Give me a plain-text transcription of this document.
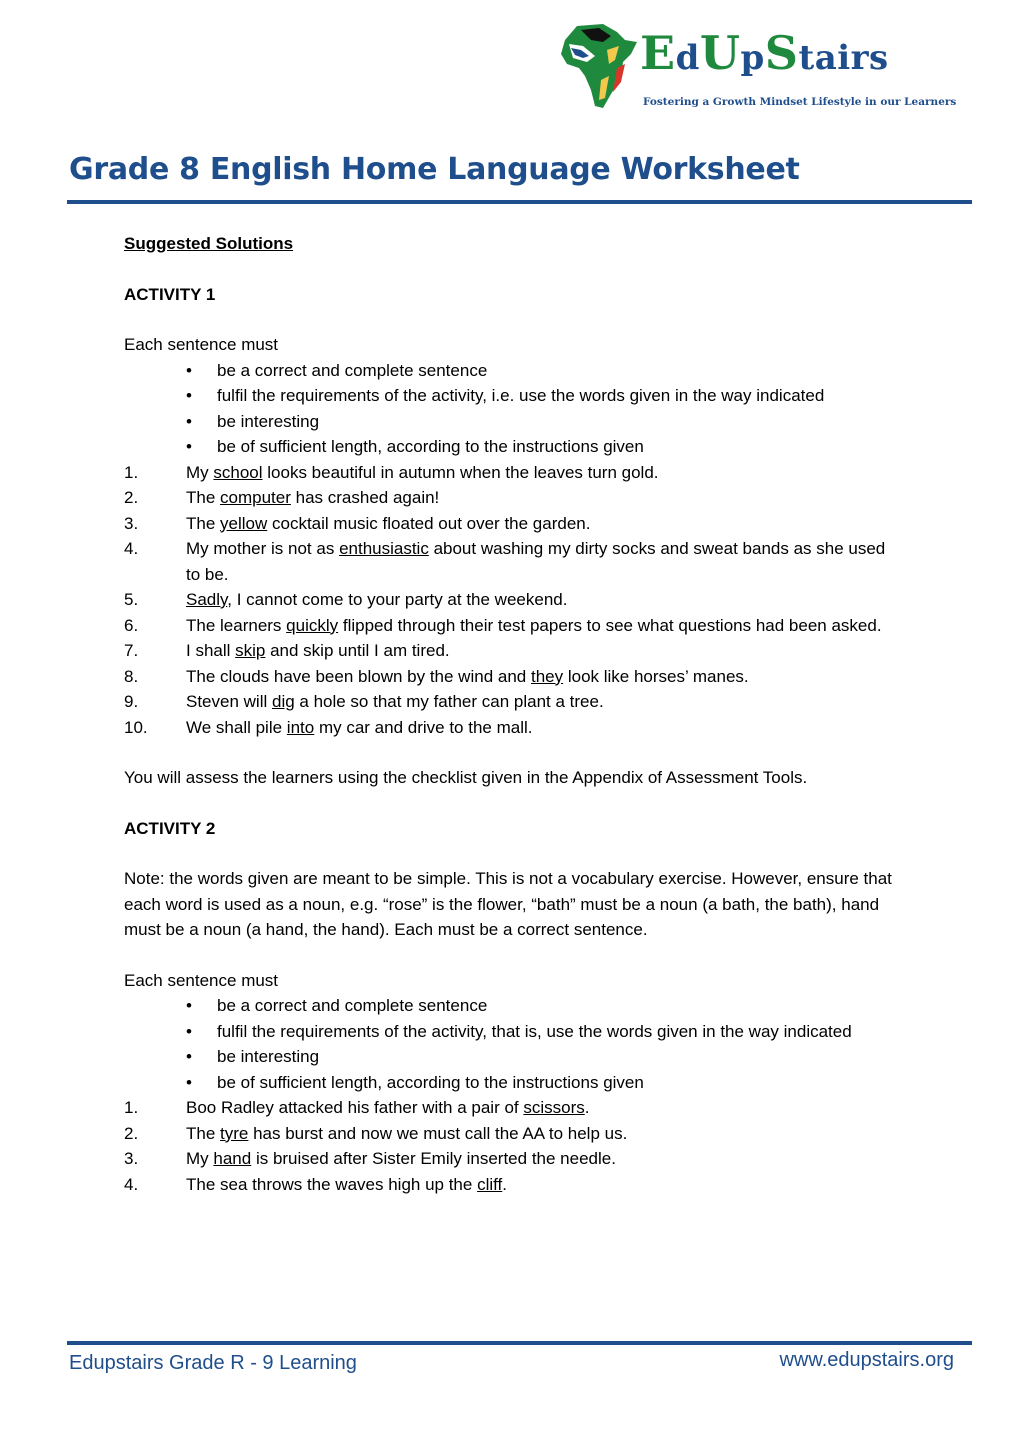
EdUpStairs
Fostering a Growth Mindset Lifestyle in our Learners
Grade 8 English Home Language Worksheet

Suggested Solutions

ACTIVITY 1

Each sentence must

• be a correct and complete sentence
• fulfil the requirements of the activity, i.e. use the words given in the way indicated
• be interesting
• be of sufficient length, according to the instructions given
1.	My school looks beautiful in autumn when the leaves turn gold.
2.	The computer has crashed again!
3.	The yellow cocktail music floated out over the garden.
4.	My mother is not as enthusiastic about washing my dirty socks and sweat bands as she used to be.
5.	Sadly, I cannot come to your party at the weekend.
6.	The learners quickly flipped through their test papers to see what questions had been asked.
7.	I shall skip and skip until I am tired.
8.	The clouds have been blown by the wind and they look like horses’ manes.
9.	Steven will dig a hole so that my father can plant a tree.
10. We shall pile into my car and drive to the mall.

You will assess the learners using the checklist given in the Appendix of Assessment Tools.

ACTIVITY 2

Note: the words given are meant to be simple. This is not a vocabulary exercise. However, ensure that each word is used as a noun, e.g. “rose” is the flower, “bath” must be a noun (a bath, the bath), hand must be a noun (a hand, the hand). Each must be a correct sentence.

Each sentence must

• be a correct and complete sentence
• fulfil the requirements of the activity, that is, use the words given in the way indicated
• be interesting
• be of sufficient length, according to the instructions given
1.	Boo Radley attacked his father with a pair of scissors.
2.	The tyre has burst and now we must call the AA to help us.
3.	My hand is bruised after Sister Emily inserted the needle.
4.	The sea throws the waves high up the cliff.

Edupstairs Grade R - 9 Learning	www.edupstairs.org
